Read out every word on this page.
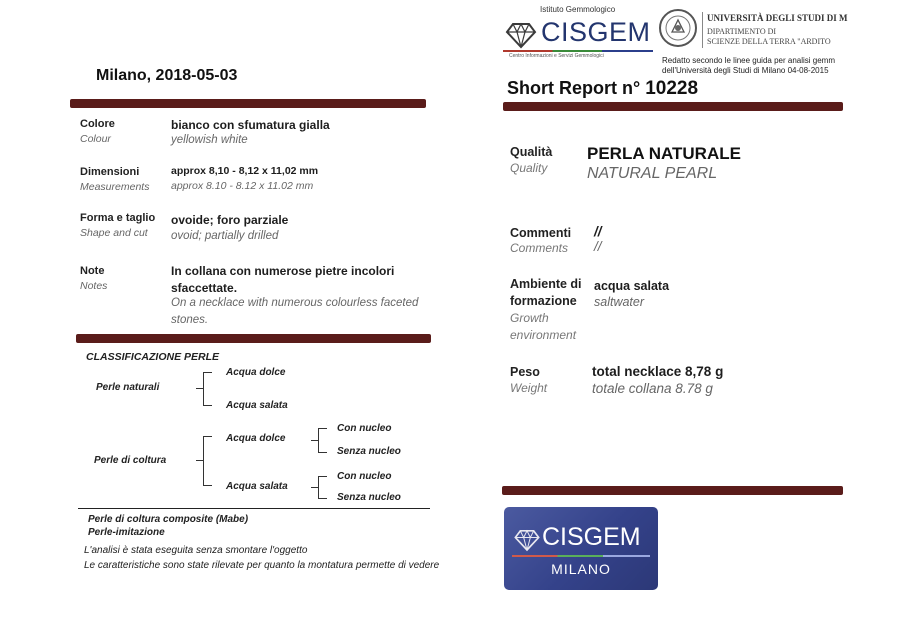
Milano, 2018-05-03
Colore
Colour
bianco con sfumatura gialla
yellowish white
Dimensioni
Measurements
approx 8,10 - 8,12 x 11,02 mm
approx 8.10 - 8.12 x 11.02 mm
Forma e taglio
Shape and cut
ovoide; foro parziale
ovoid; partially drilled
Note
Notes
In collana con numerose pietre incolori
sfaccettate.
On a necklace with numerous colourless faceted
stones.
CLASSIFICAZIONE PERLE
Perle naturali
Acqua dolce
Acqua salata
Perle di coltura
Acqua dolce
Acqua salata
Con nucleo
Senza nucleo
Con nucleo
Senza nucleo
Perle di coltura composite (Mabe)
Perle-imitazione
L'analisi è stata eseguita senza smontare l'oggetto
Le caratteristiche sono state rilevate per quanto la montatura permette di vedere
Istituto Gemmologico
CISGEM
Centro Informazioni e Servizi Gemmologici
UNIVERSITÀ DEGLI STUDI DI M
DIPARTIMENTO DI
SCIENZE DELLA TERRA "ARDITO
Redatto secondo le linee guida per analisi gemm
dell'Università degli Studi di Milano 04-08-2015
Short Report n° 10228
Qualità
Quality
PERLA NATURALE
NATURAL PEARL
Commenti
Comments
//
//
Ambiente di
formazione
Growth
environment
acqua salata
saltwater
Peso
Weight
total necklace 8,78 g
totale collana 8.78 g
CISGEM
MILANO
